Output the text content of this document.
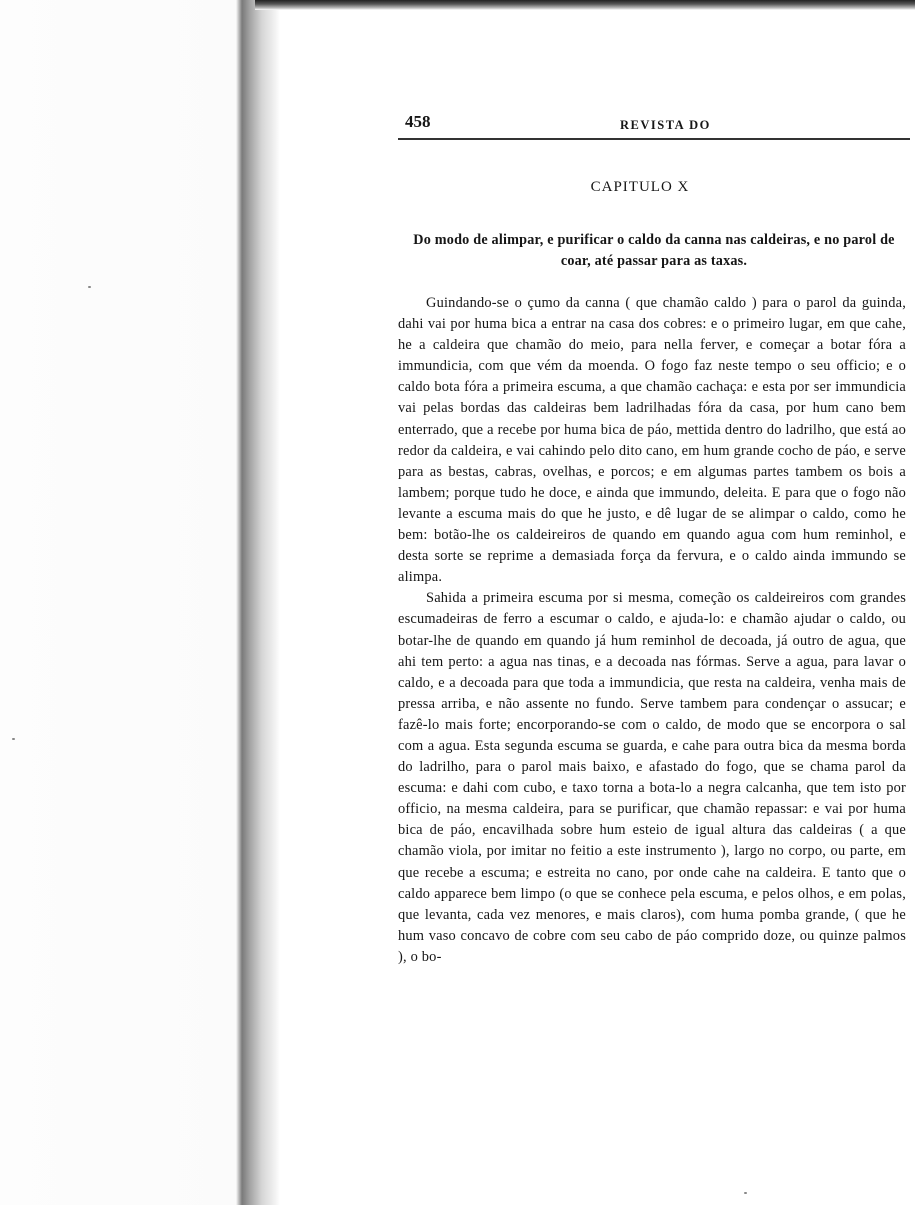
458	REVISTA DO
CAPITULO X
Do modo de alimpar, e purificar o caldo da canna nas caldeiras, e no parol de coar, até passar para as taxas.

Guindando-se o çumo da canna ( que chamão caldo ) para o parol da guinda, dahi vai por huma bica a entrar na casa dos cobres: e o primeiro lugar, em que cahe, he a caldeira que chamão do meio, para nella ferver, e começar a botar fóra a immundicia, com que vém da moenda. O fogo faz neste tempo o seu officio; e o caldo bota fóra a primeira escuma, a que chamão cachaça: e esta por ser immundicia vai pelas bordas das caldeiras bem ladrilhadas fóra da casa, por hum cano bem enterrado, que a recebe por huma bica de páo, mettida dentro do ladrilho, que está ao redor da caldeira, e vai cahindo pelo dito cano, em hum grande cocho de páo, e serve para as bestas, cabras, ovelhas, e porcos; e em algumas partes tambem os bois a lambem; porque tudo he doce, e ainda que immundo, deleita. E para que o fogo não levante a escuma mais do que he justo, e dê lugar de se alimpar o caldo, como he bem: botão-lhe os caldeireiros de quando em quando agua com hum reminhol, e desta sorte se reprime a demasiada força da fervura, e o caldo ainda immundo se alimpa.

Sahida a primeira escuma por si mesma, começão os caldeireiros com grandes escumadeiras de ferro a escumar o caldo, e ajuda-lo: e chamão ajudar o caldo, ou botar-lhe de quando em quando já hum reminhol de decoada, já outro de agua, que ahi tem perto: a agua nas tinas, e a decoada nas fórmas. Serve a agua, para lavar o caldo, e a decoada para que toda a immundicia, que resta na caldeira, venha mais de pressa arriba, e não assente no fundo. Serve tambem para condençar o assucar; e fazê-lo mais forte; encorporando-se com o caldo, de modo que se encorpora o sal com a agua. Esta segunda escuma se guarda, e cahe para outra bica da mesma borda do ladrilho, para o parol mais baixo, e afastado do fogo, que se chama parol da escuma: e dahi com cubo, e taxo torna a bota-lo a negra calcanha, que tem isto por officio, na mesma caldeira, para se purificar, que chamão repassar: e vai por huma bica de páo, encavilhada sobre hum esteio de igual altura das caldeiras ( a que chamão viola, por imitar no feitio a este instrumento ), largo no corpo, ou parte, em que recebe a escuma; e estreita no cano, por onde cahe na caldeira. E tanto que o caldo apparece bem limpo (o que se conhece pela escuma, e pelos olhos, e em polas, que levanta, cada vez menores, e mais claros), com huma pomba grande, ( que he hum vaso concavo de cobre com seu cabo de páo comprido doze, ou quinze palmos ), o bo-
